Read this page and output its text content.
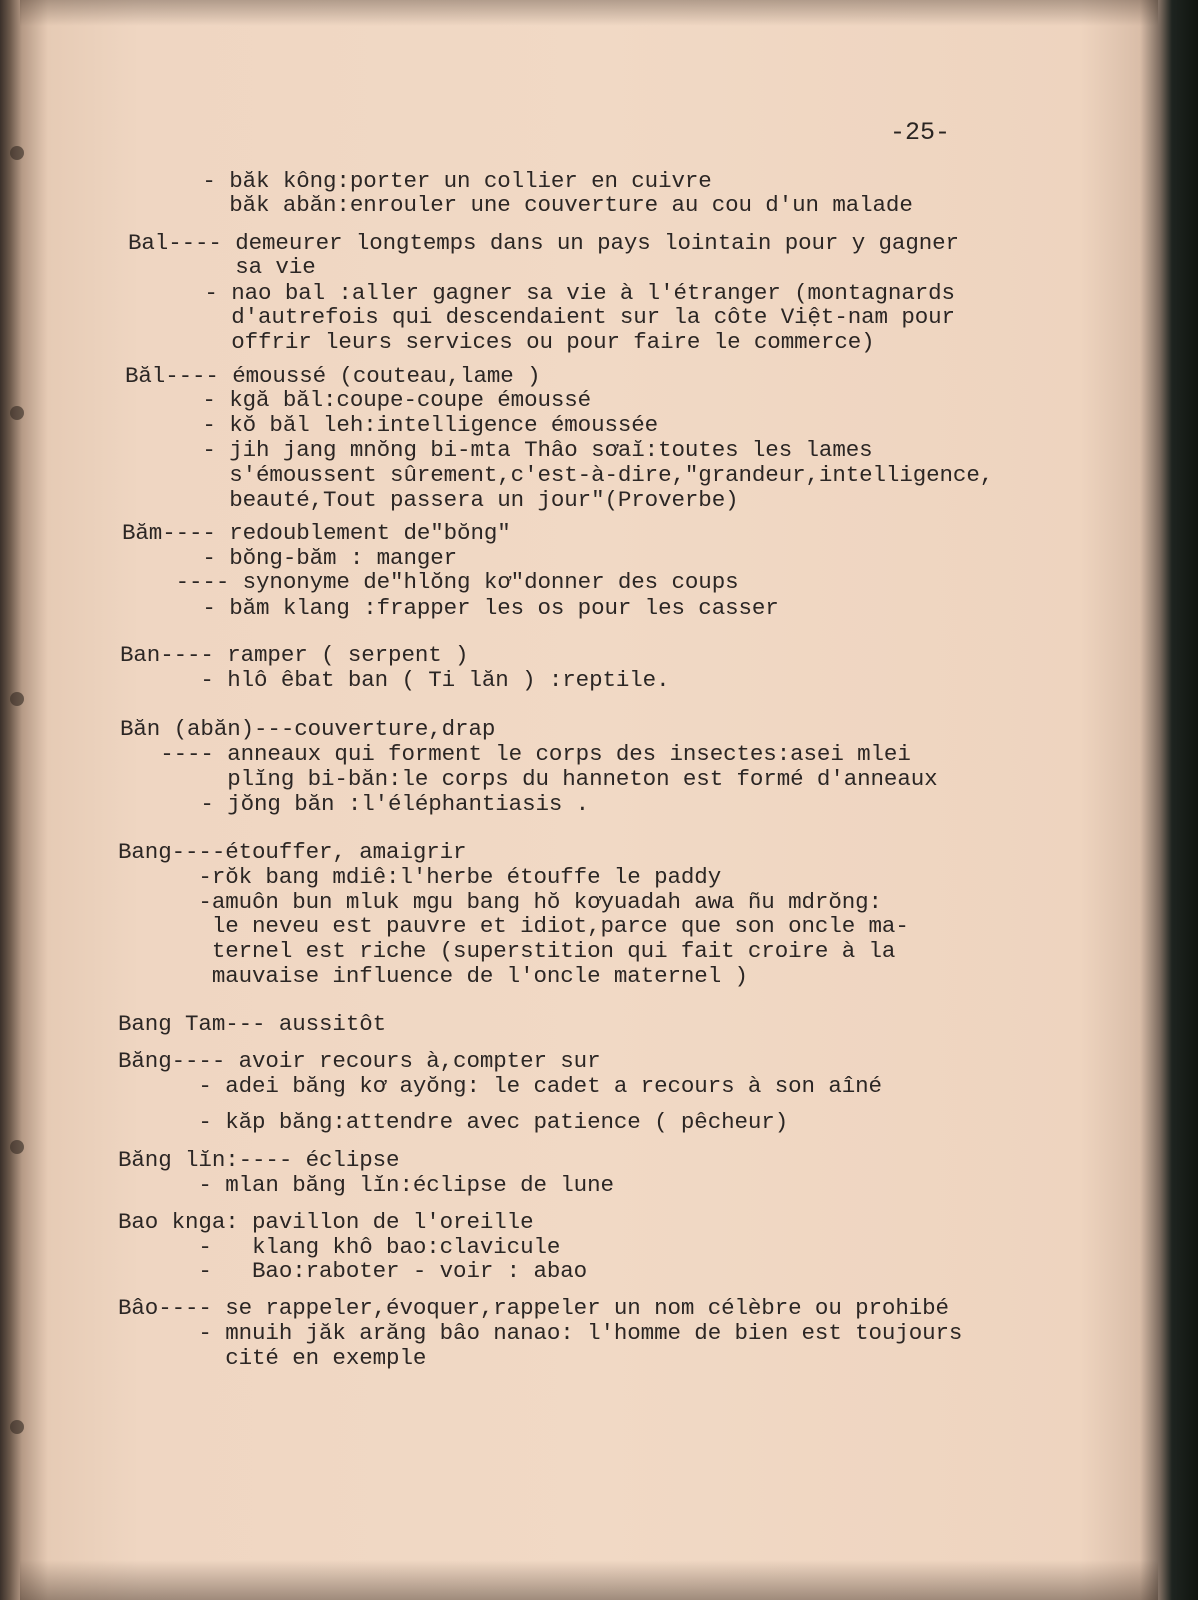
-25-
- băk kông:porter un collier en cuivre
băk abăn:enrouler une couverture au cou d'un malade
Bal---- demeurer longtemps dans un pays lointain pour y gagner
sa vie
- nao bal :aller gagner sa vie à l'étranger (montagnards
d'autrefois qui descendaient sur la côte Việt-nam pour
offrir leurs services ou pour faire le commerce)
Băl---- émoussé (couteau,lame )
- kgă băl:coupe-coupe émoussé
- kŏ băl leh:intelligence émoussée
- jih jang mnŏng bi-mta Thâo sơaĭ:toutes les lames
s'émoussent sûrement,c'est-à-dire,"grandeur,intelligence,
beauté,Tout passera un jour"(Proverbe)
Băm---- redoublement de"bŏng"
- bŏng-băm : manger
---- synonyme de"hlŏng kơ"donner des coups
- băm klang :frapper les os pour les casser
Ban---- ramper ( serpent )
- hlô êbat ban ( Ti lăn ) :reptile.
Băn (abăn)---couverture,drap
---- anneaux qui forment le corps des insectes:asei mlei
plĭng bi-băn:le corps du hanneton est formé d'anneaux
- jŏng băn :l'éléphantiasis .
Bang----étouffer, amaigrir
-rŏk bang mdiê:l'herbe étouffe le paddy
-amuôn bun mluk mgu bang hŏ kơyuadah awa ñu mdrŏng:
le neveu est pauvre et idiot,parce que son oncle ma-
ternel est riche (superstition qui fait croire à la
mauvaise influence de l'oncle maternel )
Bang Tam--- aussitôt
Băng---- avoir recours à,compter sur
- adei băng kơ ayŏng: le cadet a recours à son aîné
- kăp băng:attendre avec patience ( pêcheur)
Băng lĭn:---- éclipse
- mlan băng lĭn:éclipse de lune
Bao knga: pavillon de l'oreille
-   klang khô bao:clavicule
-   Bao:raboter - voir : abao
Bâo---- se rappeler,évoquer,rappeler un nom célèbre ou prohibé
- mnuih jăk arăng bâo nanao: l'homme de bien est toujours
cité en exemple
